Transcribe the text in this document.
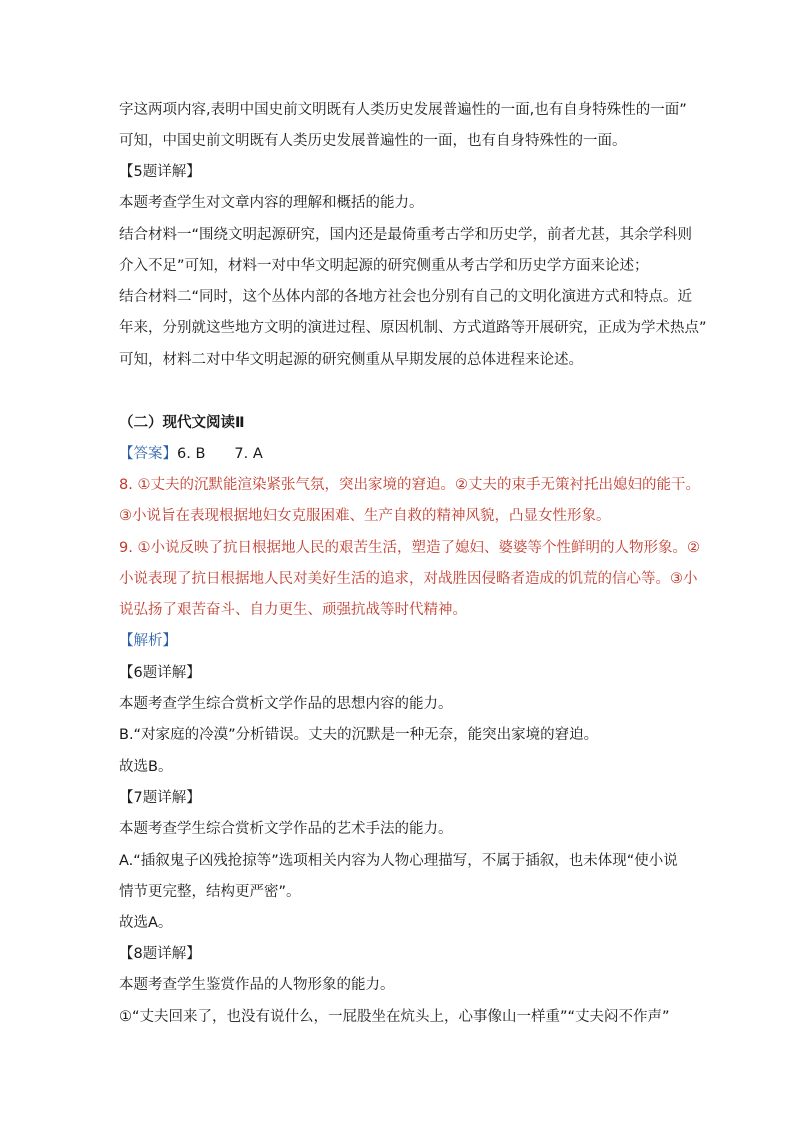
字这两项内容,表明中国史前文明既有人类历史发展普遍性的一面,也有自身特殊性的一面”
可知，中国史前文明既有人类历史发展普遍性的一面，也有自身特殊性的一面。
【5题详解】
本题考查学生对文章内容的理解和概括的能力。
结合材料一“围绕文明起源研究，国内还是最倚重考古学和历史学，前者尤甚，其余学科则
介入不足”可知，材料一对中华文明起源的研究侧重从考古学和历史学方面来论述；
结合材料二“同时，这个丛体内部的各地方社会也分别有自己的文明化演进方式和特点。近
年来，分别就这些地方文明的演进过程、原因机制、方式道路等开展研究，正成为学术热点”
可知，材料二对中华文明起源的研究侧重从早期发展的总体进程来论述。
（二）现代文阅读Ⅱ
【答案】6. B　　7. A
8. ①丈夫的沉默能渲染紧张气氛，突出家境的窘迫。②丈夫的束手无策衬托出媳妇的能干。
③小说旨在表现根据地妇女克服困难、生产自救的精神风貌，凸显女性形象。
9. ①小说反映了抗日根据地人民的艰苦生活，塑造了媳妇、婆婆等个性鲜明的人物形象。②
小说表现了抗日根据地人民对美好生活的追求，对战胜因侵略者造成的饥荒的信心等。③小
说弘扬了艰苦奋斗、自力更生、顽强抗战等时代精神。
【解析】
【6题详解】
本题考查学生综合赏析文学作品的思想内容的能力。
B.“对家庭的冷漠”分析错误。丈夫的沉默是一种无奈，能突出家境的窘迫。
故选B。
【7题详解】
本题考查学生综合赏析文学作品的艺术手法的能力。
A.“插叙鬼子凶残抢掠等”选项相关内容为人物心理描写，不属于插叙，也未体现“使小说
情节更完整，结构更严密”。
故选A。
【8题详解】
本题考查学生鉴赏作品的人物形象的能力。
①“丈夫回来了，也没有说什么，一屁股坐在炕头上，心事像山一样重”“丈夫闷不作声”
